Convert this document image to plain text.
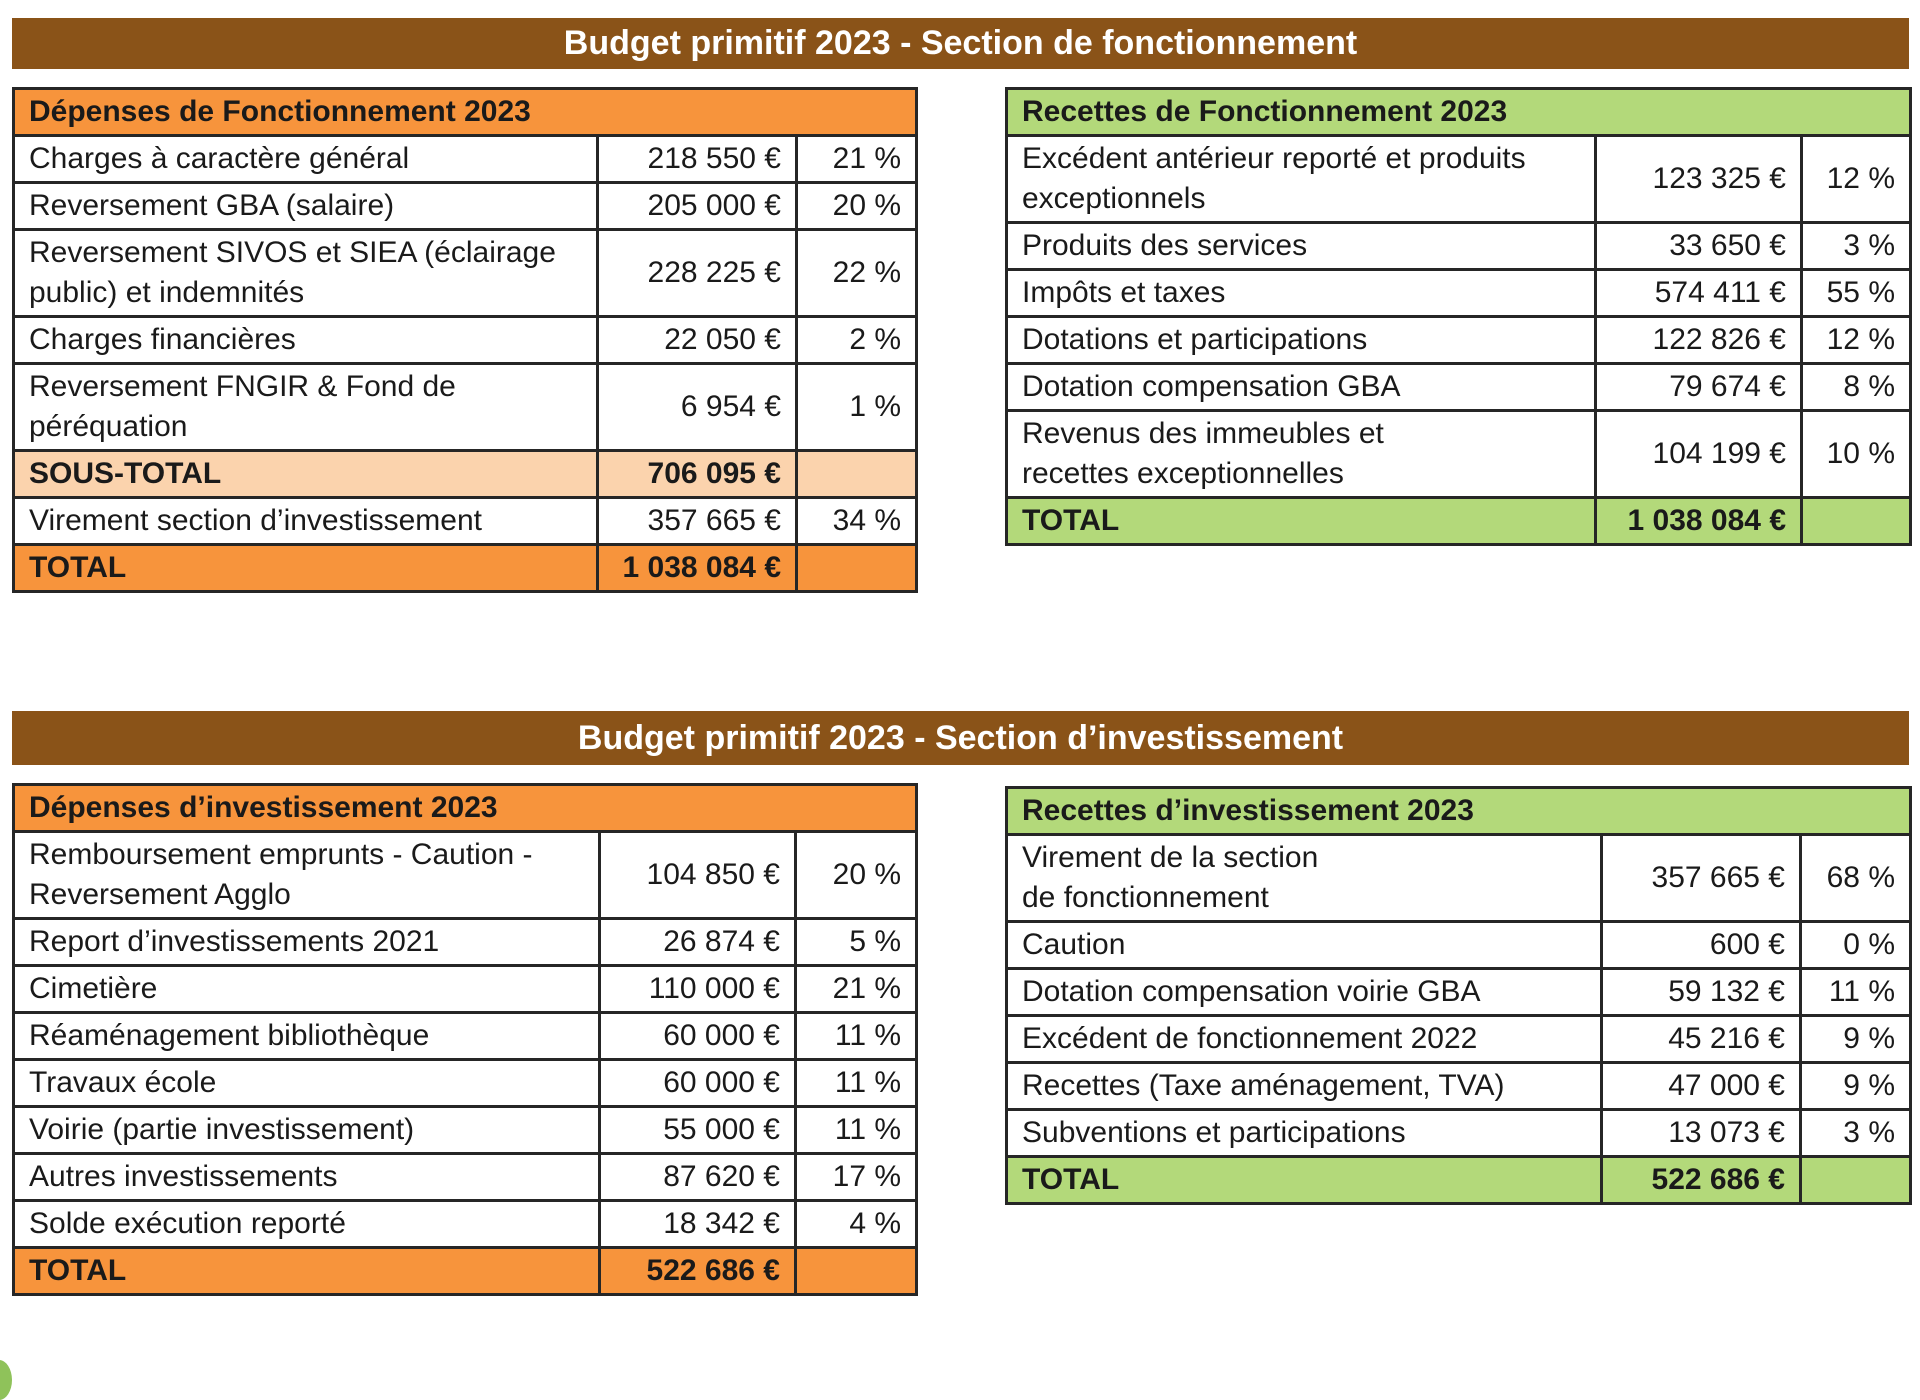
Budget primitif 2023 - Section de fonctionnement
Dépenses de Fonctionnement 2023		
Charges à caractère général	218 550 €	21 %
Reversement GBA (salaire)	205 000 €	20 %
Reversement SIVOS et SIEA (éclairage public) et indemnités	228 225 €	22 %
Charges financières	22 050 €	2 %
Reversement FNGIR & Fond de péréquation	6 954 €	1 %
SOUS-TOTAL	706 095 €	
Virement section d’investissement	357 665 €	34 %
TOTAL	1 038 084 €	
Recettes de Fonctionnement 2023		
Excédent antérieur reporté et produits exceptionnels	123 325 €	12 %
Produits des services	33 650 €	3 %
Impôts et taxes	574 411 €	55 %
Dotations et participations	122 826 €	12 %
Dotation compensation GBA	79 674 €	8 %
Revenus des immeubles et recettes exceptionnelles	104 199 €	10 %
TOTAL	1 038 084 €	
Budget primitif 2023 - Section d’investissement
Dépenses d’investissement 2023		
Remboursement emprunts - Caution - Reversement Agglo	104 850 €	20 %
Report d’investissements 2021	26 874 €	5 %
Cimetière	110 000 €	21 %
Réaménagement bibliothèque	60 000 €	11 %
Travaux école	60 000 €	11 %
Voirie (partie investissement)	55 000 €	11 %
Autres investissements	87 620 €	17 %
Solde exécution reporté	18 342 €	4 %
TOTAL	522 686 €	
Recettes d’investissement 2023		
Virement de la section de fonctionnement	357 665 €	68 %
Caution	600 €	0 %
Dotation compensation voirie GBA	59 132 €	11 %
Excédent de fonctionnement 2022	45 216 €	9 %
Recettes (Taxe aménagement, TVA)	47 000 €	9 %
Subventions et participations	13 073 €	3 %
TOTAL	522 686 €	
